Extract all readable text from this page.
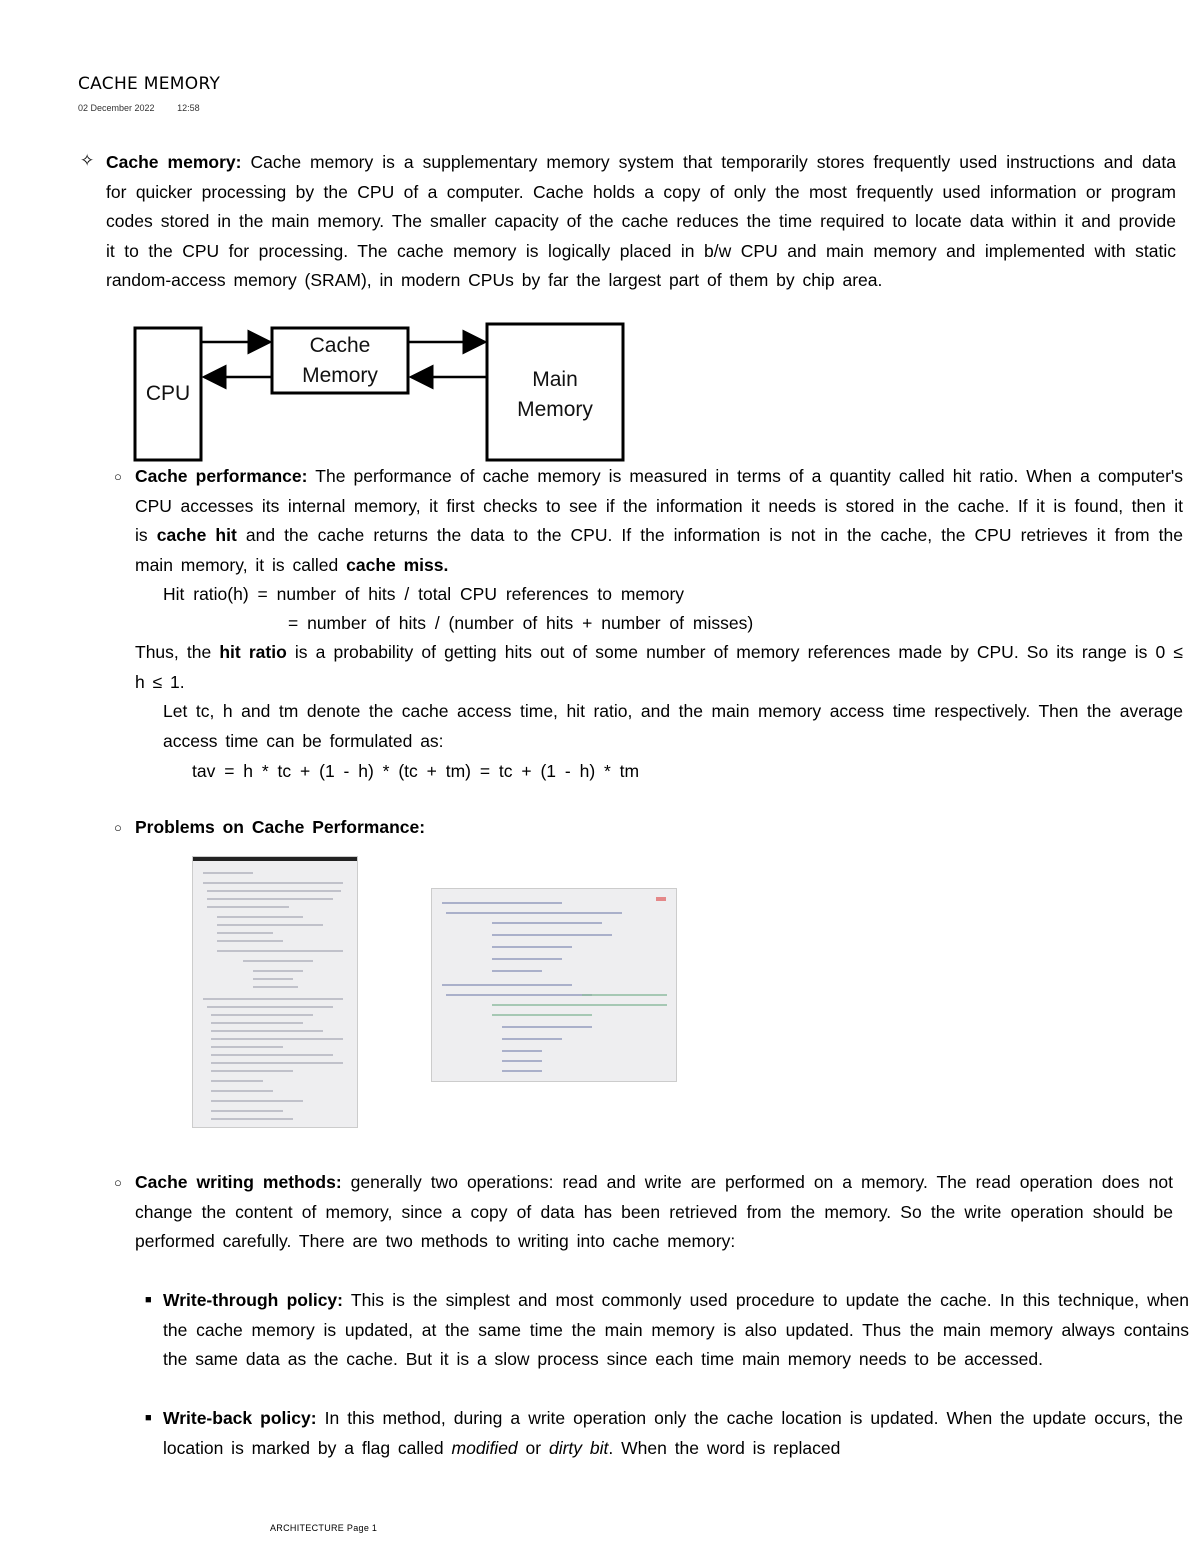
CACHE MEMORY
02 December 2022	12:58
✧ Cache memory: Cache memory is a supplementary memory system that temporarily stores frequently used instructions and data for quicker processing by the CPU of a computer. Cache holds a copy of only the most frequently used information or program codes stored in the main memory. The smaller capacity of the cache reduces the time required to locate data within it and provide it to the CPU for processing. The cache memory is logically placed in b/w CPU and main memory and implemented with static random-access memory (SRAM), in modern CPUs by far the largest part of them by chip area.
CPU
Cache
Memory	Main
Memory
○ Cache performance: The performance of cache memory is measured in terms of a quantity called hit ratio. When a computer's CPU accesses its internal memory, it first checks to see if the information it needs is stored in the cache. If it is found, then it is cache hit and the cache returns the data to the CPU. If the information is not in the cache, the CPU retrieves it from the main memory, it is called cache miss.
Hit ratio(h) = number of hits / total CPU references to memory
= number of hits / (number of hits + number of misses)
Thus, the hit ratio is a probability of getting hits out of some number of memory references made by CPU. So its range is 0 ≤ h ≤ 1.
Let tc, h and tm denote the cache access time, hit ratio, and the main memory access time respectively. Then the average access time can be formulated as:
tav = h * tc + (1 - h) * (tc + tm) = tc + (1 - h) * tm
○ Problems on Cache Performance:
○ Cache writing methods: generally two operations: read and write are performed on a memory. The read operation does not change the content of memory, since a copy of data has been retrieved from the memory. So the write operation should be performed carefully. There are two methods to writing into cache memory:
■ Write-through policy: This is the simplest and most commonly used procedure to update the cache. In this technique, when the cache memory is updated, at the same time the main memory is also updated. Thus the main memory always contains the same data as the cache. But it is a slow process since each time main memory needs to be accessed.
■ Write-back policy: In this method, during a write operation only the cache location is updated. When the update occurs, the location is marked by a flag called modified or dirty bit. When the word is replaced
ARCHITECTURE Page 1
